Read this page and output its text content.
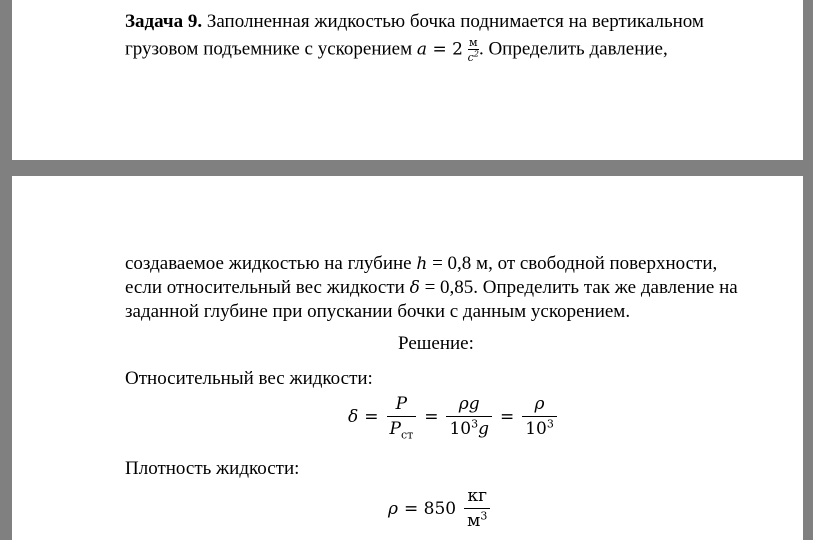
Задача 9. Заполненная жидкостью бочка поднимается на вертикальном
грузовом подъемнике с ускорением $a = 2 \frac{м}{с^2}$ . Определить давление,
создаваемое жидкостью на глубине h = 0,8 м, от свободной поверхности,
если относительный вес жидкости δ = 0,85. Определить так же давление на
заданной глубине при опускании бочки с данным ускорением.
Решение:
Относительный вес жидкости:
$\delta = \frac{P}{P_{ст}} = \frac{\rho g}{10^3g} = \frac{\rho}{10^3}$
Плотность жидкости:
$\rho = 850 \frac{кг}{м^3}$
